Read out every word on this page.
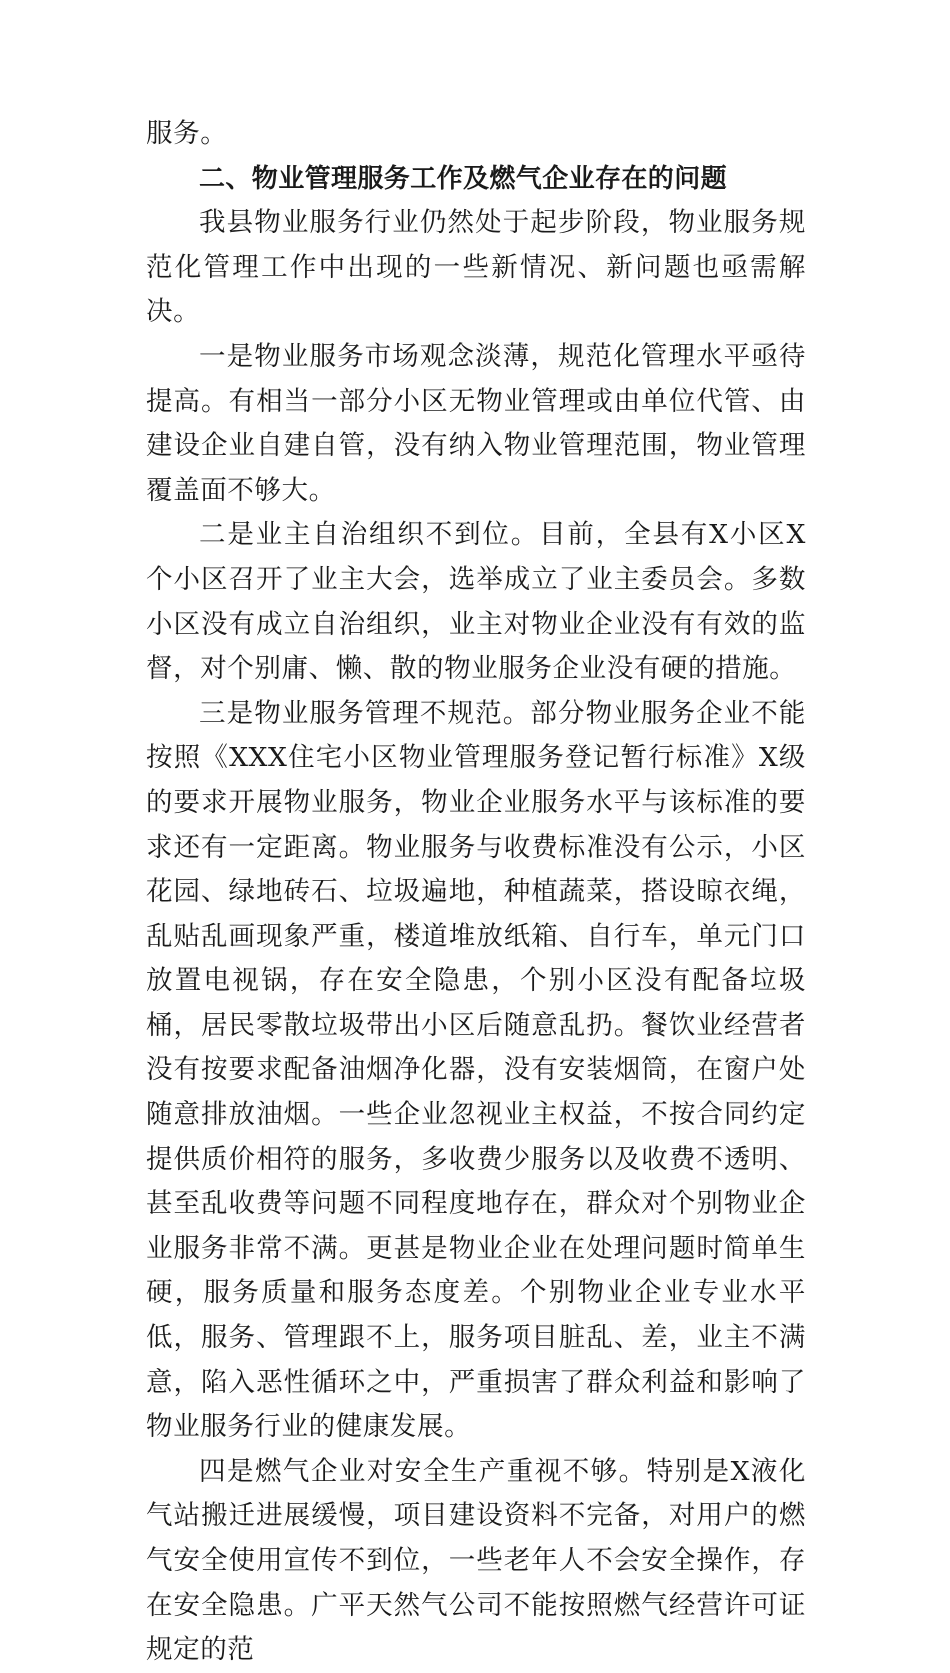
服务。

二、物业管理服务工作及燃气企业存在的问题

我县物业服务行业仍然处于起步阶段，物业服务规范化管理工作中出现的一些新情况、新问题也亟需解决。

一是物业服务市场观念淡薄，规范化管理水平亟待提高。有相当一部分小区无物业管理或由单位代管、由建设企业自建自管，没有纳入物业管理范围，物业管理覆盖面不够大。

二是业主自治组织不到位。目前，全县有X小区X个小区召开了业主大会，选举成立了业主委员会。多数小区没有成立自治组织，业主对物业企业没有有效的监督，对个别庸、懒、散的物业服务企业没有硬的措施。

三是物业服务管理不规范。部分物业服务企业不能按照《XXX住宅小区物业管理服务登记暂行标准》X级的要求开展物业服务，物业企业服务水平与该标准的要求还有一定距离。物业服务与收费标准没有公示，小区花园、绿地砖石、垃圾遍地，种植蔬菜，搭设晾衣绳，乱贴乱画现象严重，楼道堆放纸箱、自行车，单元门口放置电视锅，存在安全隐患，个别小区没有配备垃圾桶，居民零散垃圾带出小区后随意乱扔。餐饮业经营者没有按要求配备油烟净化器，没有安装烟筒，在窗户处随意排放油烟。一些企业忽视业主权益，不按合同约定提供质价相符的服务，多收费少服务以及收费不透明、甚至乱收费等问题不同程度地存在，群众对个别物业企业服务非常不满。更甚是物业企业在处理问题时简单生硬，服务质量和服务态度差。个别物业企业专业水平低，服务、管理跟不上，服务项目脏乱、差，业主不满意，陷入恶性循环之中，严重损害了群众利益和影响了物业服务行业的健康发展。

四是燃气企业对安全生产重视不够。特别是X液化气站搬迁进展缓慢，项目建设资料不完备，对用户的燃气安全使用宣传不到位，一些老年人不会安全操作，存在安全隐患。广平天然气公司不能按照燃气经营许可证规定的范
